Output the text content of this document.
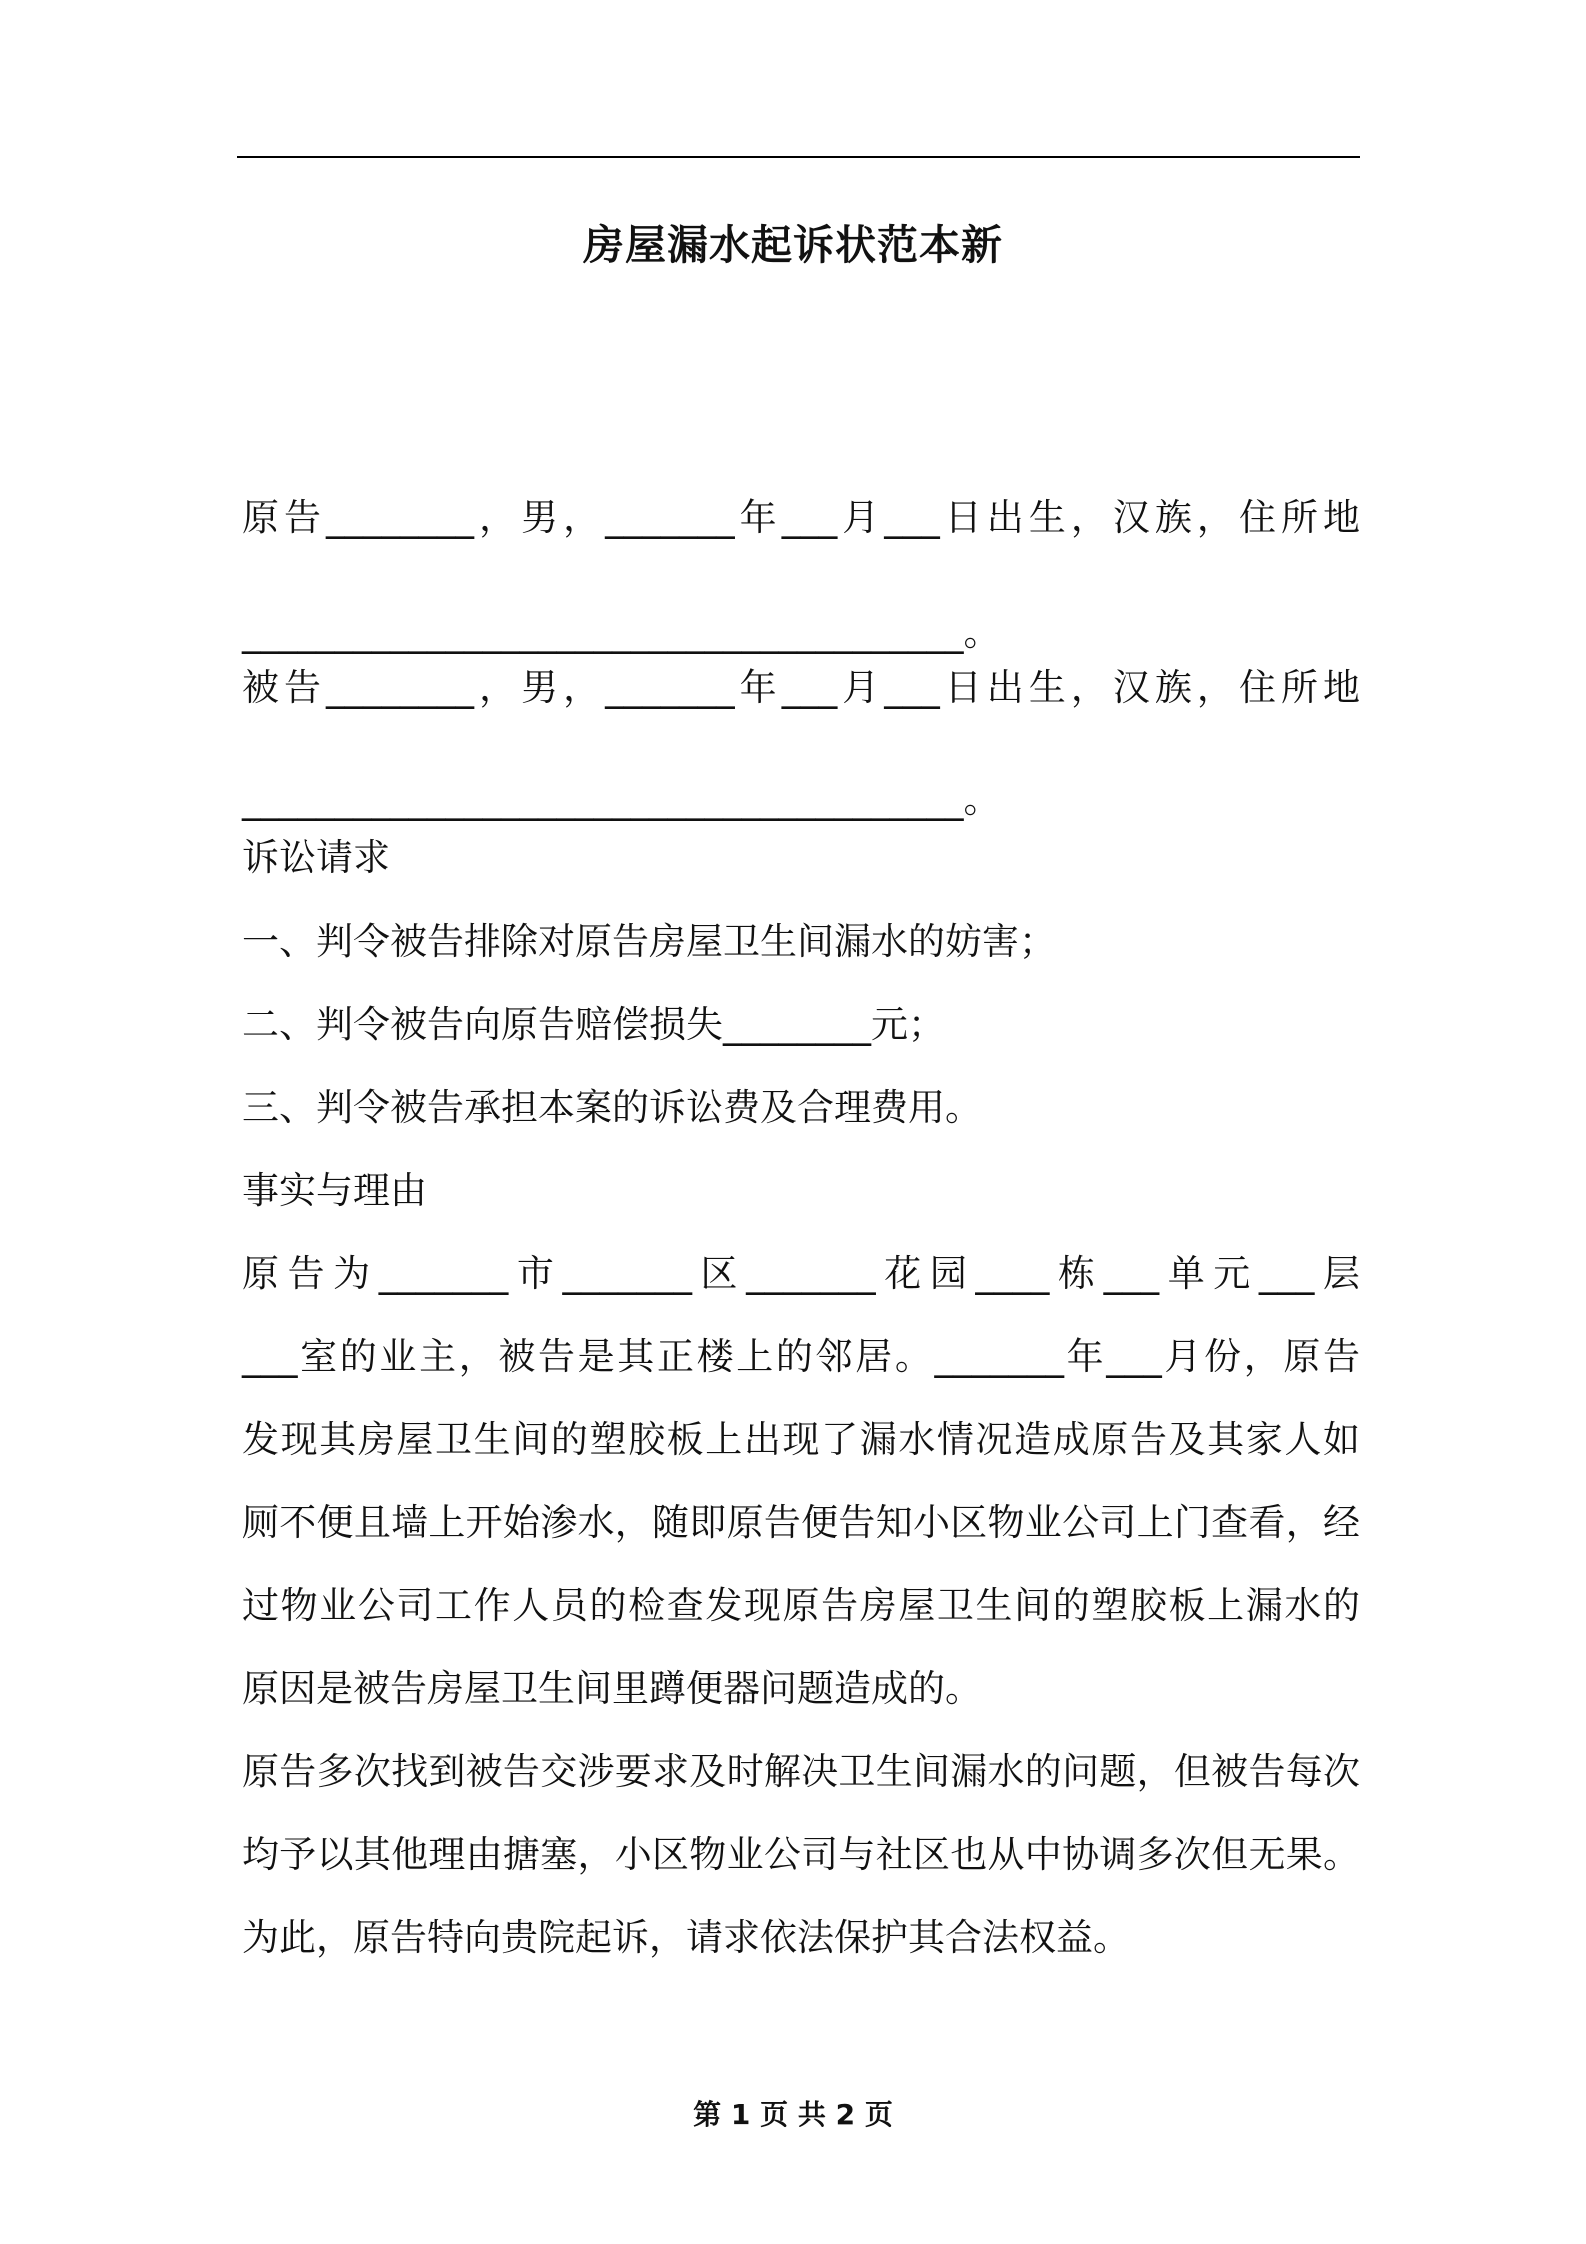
房屋漏水起诉状范本新
原告________，男，_______年___月___日出生，汉族，住所地
_______________________________________。
被告________，男，_______年___月___日出生，汉族，住所地
_______________________________________。
诉讼请求
一、判令被告排除对原告房屋卫生间漏水的妨害；
二、判令被告向原告赔偿损失________元；
三、判令被告承担本案的诉讼费及合理费用。
事实与理由
原告为_______市_______区_______花园____栋___单元___层
___室的业主，被告是其正楼上的邻居。_______年___月份，原告
发现其房屋卫生间的塑胶板上出现了漏水情况造成原告及其家人如
厕不便且墙上开始渗水，随即原告便告知小区物业公司上门查看，经
过物业公司工作人员的检查发现原告房屋卫生间的塑胶板上漏水的
原因是被告房屋卫生间里蹲便器问题造成的。
原告多次找到被告交涉要求及时解决卫生间漏水的问题，但被告每次
均予以其他理由搪塞，小区物业公司与社区也从中协调多次但无果。
为此，原告特向贵院起诉，请求依法保护其合法权益。
第 1 页 共 2 页
